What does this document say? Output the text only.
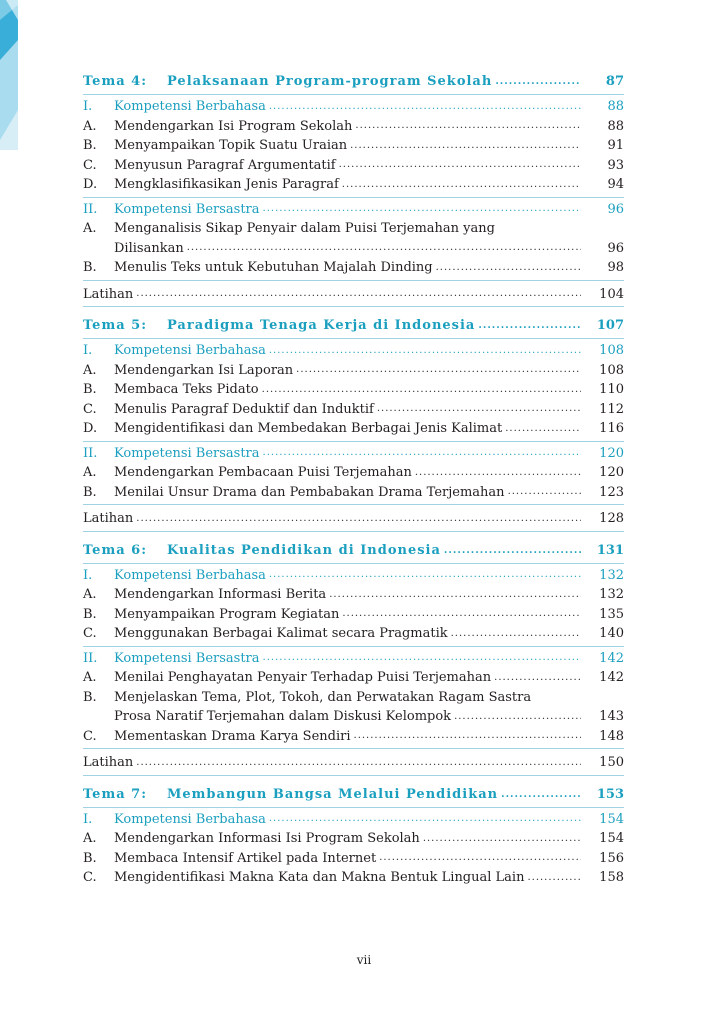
Tema 4:	Pelaksanaan Program-program Sekolah .....	87
I.	Kompetensi Berbahasa .....	88
A.	Mendengarkan Isi Program Sekolah .....	88
B.	Menyampaikan Topik Suatu Uraian .....	91
C.	Menyusun Paragraf Argumentatif .....	93
D.	Mengklasifikasikan Jenis Paragraf .....	94
II.	Kompetensi Bersastra .....	96
A.	Menganalisis Sikap Penyair dalam Puisi Terjemahan yang
Dilisankan .....	96
B.	Menulis Teks untuk Kebutuhan Majalah Dinding .....	98
Latihan .....	104
Tema 5:	Paradigma Tenaga Kerja di Indonesia .....	107
I.	Kompetensi Berbahasa .....	108
A.	Mendengarkan Isi Laporan .....	108
B.	Membaca Teks Pidato .....	110
C.	Menulis Paragraf Deduktif dan Induktif .....	112
D.	Mengidentifikasi dan Membedakan Berbagai Jenis Kalimat .....	116
II.	Kompetensi Bersastra .....	120
A.	Mendengarkan Pembacaan Puisi Terjemahan .....	120
B.	Menilai Unsur Drama dan Pembabakan Drama Terjemahan .....	123
Latihan .....	128
Tema 6:	Kualitas Pendidikan di Indonesia .....	131
I.	Kompetensi Berbahasa .....	132
A.	Mendengarkan Informasi Berita .....	132
B.	Menyampaikan Program Kegiatan .....	135
C.	Menggunakan Berbagai Kalimat secara Pragmatik .....	140
II.	Kompetensi Bersastra .....	142
A.	Menilai Penghayatan Penyair Terhadap Puisi Terjemahan .....	142
B.	Menjelaskan Tema, Plot, Tokoh, dan Perwatakan Ragam Sastra
Prosa Naratif Terjemahan dalam Diskusi Kelompok .....	143
C.	Mementaskan Drama Karya Sendiri .....	148
Latihan .....	150
Tema 7:	Membangun Bangsa Melalui Pendidikan .....	153
I.	Kompetensi Berbahasa .....	154
A.	Mendengarkan Informasi Isi Program Sekolah .....	154
B.	Membaca Intensif Artikel pada Internet .....	156
C.	Mengidentifikasi Makna Kata dan Makna Bentuk Lingual Lain .....	158
vii
